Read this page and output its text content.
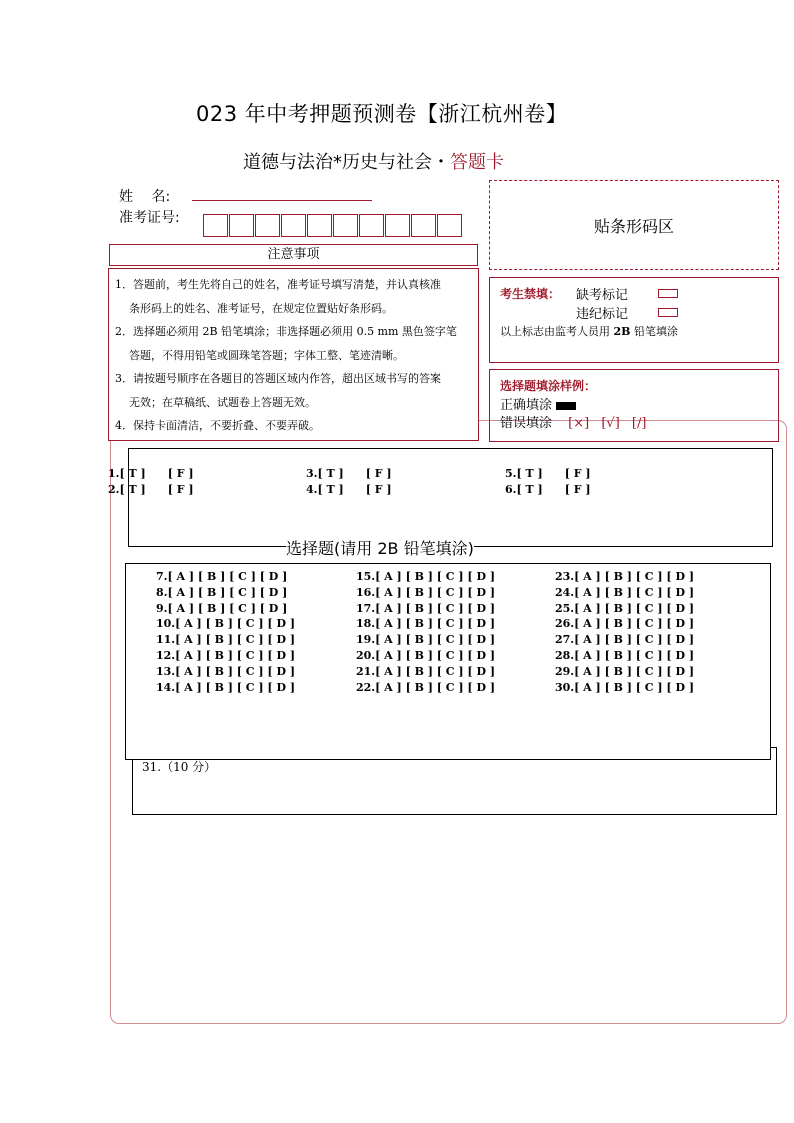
023 年中考押题预测卷【浙江杭州卷】
道德与法治*历史与社会・答题卡
姓　 名:
准考证号:	贴条形码区
注意事项

1．答题前，考生先将自己的姓名，准考证号填写清楚，并认真核准

条形码上的姓名、准考证号，在规定位置贴好条形码。

2．选择题必须用 2B 铅笔填涂；非选择题必须用 0.5 mm 黑色签字笔

答题，不得用铅笔或圆珠笔答题；字体工整、笔迹清晰。

3．请按题号顺序在各题目的答题区域内作答，超出区域书写的答案

无效；在草稿纸、试题卷上答题无效。

4．保持卡面清洁，不要折叠、不要弄破。

考生禁填： 缺考标记
违纪标记
以上标志由监考人员用 2B 铅笔填涂
选择题填涂样例：
正确填涂
错误填涂 [×] [√] [/]
1.[ T ] [ F ]
2.[ T ] [ F ]
3.[ T ] [ F ]
4.[ T ] [ F ]
5.[ T ] [ F ]
6.[ T ] [ F ]
31.（10 分）
选择题(请用 2B 铅笔填涂)
7.[ A ] [ B ] [ C ] [ D ]
8.[ A ] [ B ] [ C ] [ D ]
9.[ A ] [ B ] [ C ] [ D ]
10.[ A ] [ B ] [ C ] [ D ]
11.[ A ] [ B ] [ C ] [ D ]
12.[ A ] [ B ] [ C ] [ D ]
13.[ A ] [ B ] [ C ] [ D ]
14.[ A ] [ B ] [ C ] [ D ]
15.[ A ] [ B ] [ C ] [ D ]
16.[ A ] [ B ] [ C ] [ D ]
17.[ A ] [ B ] [ C ] [ D ]
18.[ A ] [ B ] [ C ] [ D ]
19.[ A ] [ B ] [ C ] [ D ]
20.[ A ] [ B ] [ C ] [ D ]
21.[ A ] [ B ] [ C ] [ D ]
22.[ A ] [ B ] [ C ] [ D ]
23.[ A ] [ B ] [ C ] [ D ]
24.[ A ] [ B ] [ C ] [ D ]
25.[ A ] [ B ] [ C ] [ D ]
26.[ A ] [ B ] [ C ] [ D ]
27.[ A ] [ B ] [ C ] [ D ]
28.[ A ] [ B ] [ C ] [ D ]
29.[ A ] [ B ] [ C ] [ D ]
30.[ A ] [ B ] [ C ] [ D ]
